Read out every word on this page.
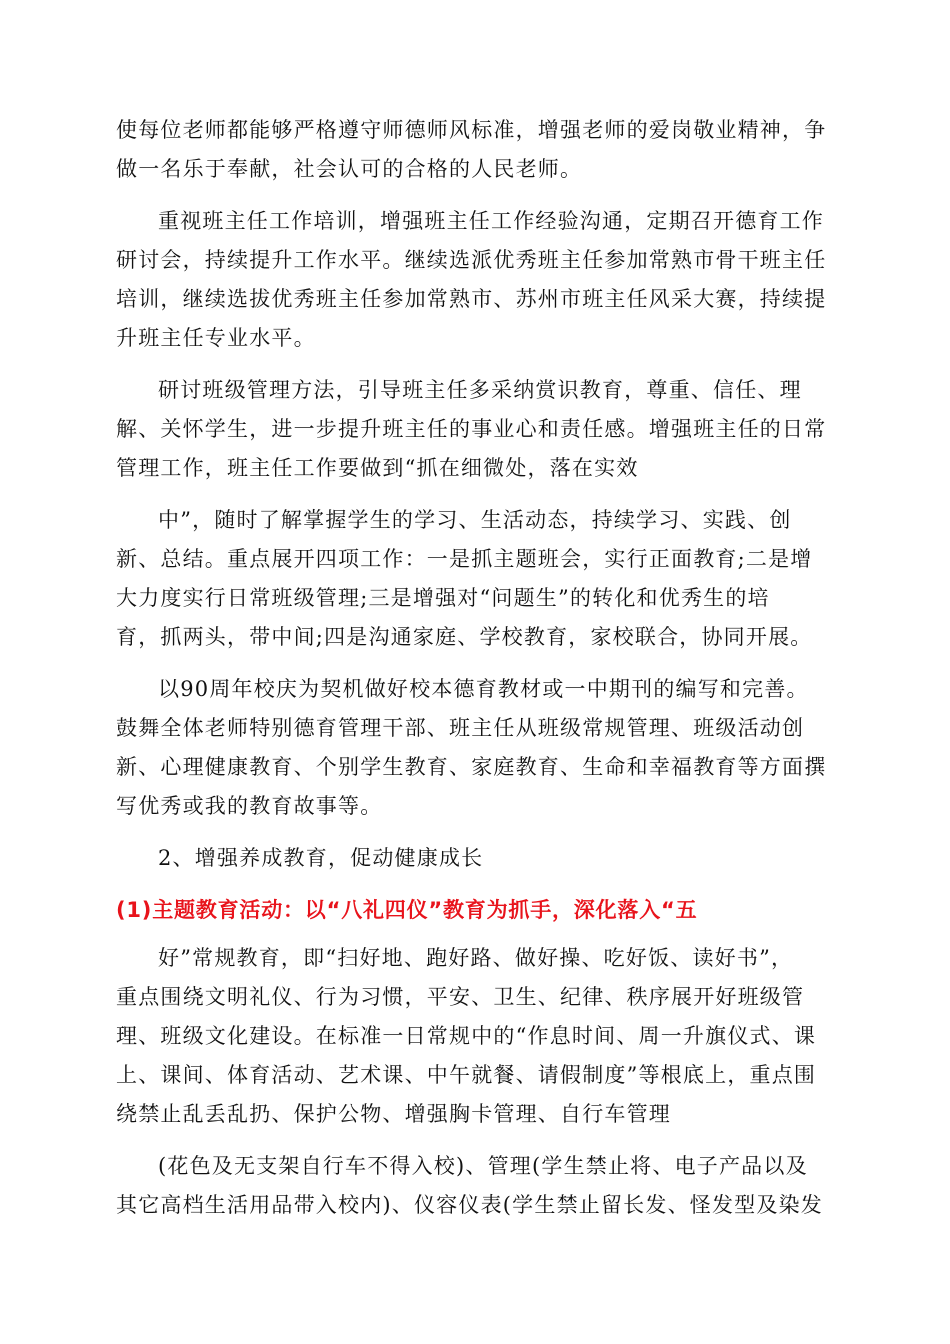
使每位老师都能够严格遵守师德师风标准，增强老师的爱岗敬业精神，争
做一名乐于奉献，社会认可的合格的人民老师。
重视班主任工作培训，增强班主任工作经验沟通，定期召开德育工作
研讨会，持续提升工作水平。继续选派优秀班主任参加常熟市骨干班主任
培训，继续选拔优秀班主任参加常熟市、苏州市班主任风采大赛，持续提
升班主任专业水平。
研讨班级管理方法，引导班主任多采纳赏识教育，尊重、信任、理
解、关怀学生，进一步提升班主任的事业心和责任感。增强班主任的日常
管理工作，班主任工作要做到“抓在细微处，落在实效
中”，随时了解掌握学生的学习、生活动态，持续学习、实践、创
新、总结。重点展开四项工作：一是抓主题班会，实行正面教育;二是增
大力度实行日常班级管理;三是增强对“问题生”的转化和优秀生的培
育，抓两头，带中间;四是沟通家庭、学校教育，家校联合，协同开展。
以90周年校庆为契机做好校本德育教材或一中期刊的编写和完善。
鼓舞全体老师特别德育管理干部、班主任从班级常规管理、班级活动创
新、心理健康教育、个别学生教育、家庭教育、生命和幸福教育等方面撰
写优秀或我的教育故事等。
2、增强养成教育，促动健康成长
(1)主题教育活动：以“八礼四仪”教育为抓手，深化落入“五
好”常规教育，即“扫好地、跑好路、做好操、吃好饭、读好书”，
重点围绕文明礼仪、行为习惯，平安、卫生、纪律、秩序展开好班级管
理、班级文化建设。在标准一日常规中的“作息时间、周一升旗仪式、课
上、课间、体育活动、艺术课、中午就餐、请假制度”等根底上，重点围
绕禁止乱丢乱扔、保护公物、增强胸卡管理、自行车管理
(花色及无支架自行车不得入校)、管理(学生禁止将、电子产品以及
其它高档生活用品带入校内)、仪容仪表(学生禁止留长发、怪发型及染发
